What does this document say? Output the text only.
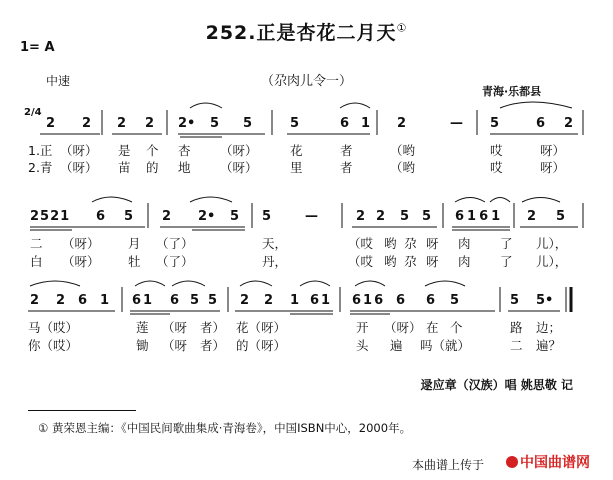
252.正是杏花二月天①
1= A
中速	（尕肉儿令一）
青海·乐都县
2/4
2 2 2 2 2• 5 5	5	6 1 2	— 5	6 2
1.正 （呀） 是 个 杏 （呀）	花	者	（哟	哎	呀）
2.青 （呀） 苗 的 地 （呀）	里	者	（哟	哎	呀）
2521 6 5 2 2• 5 5	—	2 2 5 5 6161 2 5
二 （呀） 月 （了）	天，	（哎 哟 尕 呀 肉 了 儿），
白 （呀） 牡 （了）	丹，	（哎 哟 尕 呀 肉 了 儿），
2 2 6 1 61 6 5 5 2 2 1 61 616 6 6 5	5 5•
马（哎）	莲 （呀 者） 花（呀）	开 （呀） 在 个	路 边；
你（哎）	锄 （呀 者） 的（呀）	头 遍 吗（就）	二 遍？
逯应章（汉族）唱 姚思敬 记
① 黄荣恩主编：《中国民间歌曲集成·青海卷》，中国ISBN中心，2000年。
本曲谱上传于	中国曲谱网
